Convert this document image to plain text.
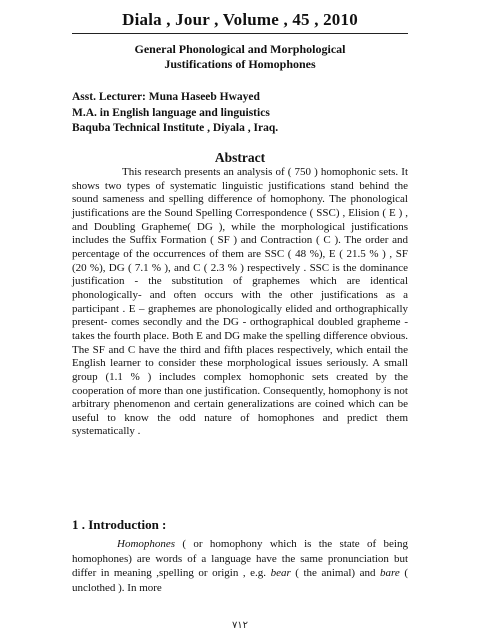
Diala , Jour , Volume , 45 , 2010
General Phonological and Morphological
Justifications of Homophones
Asst. Lecturer: Muna Haseeb Hwayed
M.A. in English language and linguistics
Baquba Technical Institute , Diyala , Iraq.
Abstract

This research presents an analysis of ( 750 ) homophonic sets. It shows two types of systematic linguistic justifications stand behind the sound sameness and spelling difference of homophony. The phonological justifications are the Sound Spelling Correspondence ( SSC) , Elision ( E ) , and Doubling Grapheme( DG ), while the morphological justifications includes the Suffix Formation ( SF ) and Contraction ( C ). The order and percentage of the occurrences of them are SSC ( 48 %), E ( 21.5 % ) , SF (20 %), DG ( 7.1 % ), and C ( 2.3 % ) respectively . SSC is the dominance justification - the substitution of graphemes which are identical phonologically- and often occurs with the other justifications as a participant . E – graphemes are phonologically elided and orthographically present- comes secondly and the DG - orthographical doubled grapheme - takes the fourth place. Both E and DG make the spelling difference obvious. The SF and C have the third and fifth places respectively, which entail the English learner to consider these morphological issues seriously. A small group (1.1 % ) includes complex homophonic sets created by the cooperation of more than one justification. Consequently, homophony is not arbitrary phenomenon and certain generalizations are coined which can be useful to know the odd nature of homophones and predict them systematically .

1 . Introduction :

Homophones ( or homophony which is the state of being homophones) are words of a language have the same pronunciation but differ in meaning ,spelling or origin , e.g. bear ( the animal) and bare ( unclothed ). In more

٧١٢
